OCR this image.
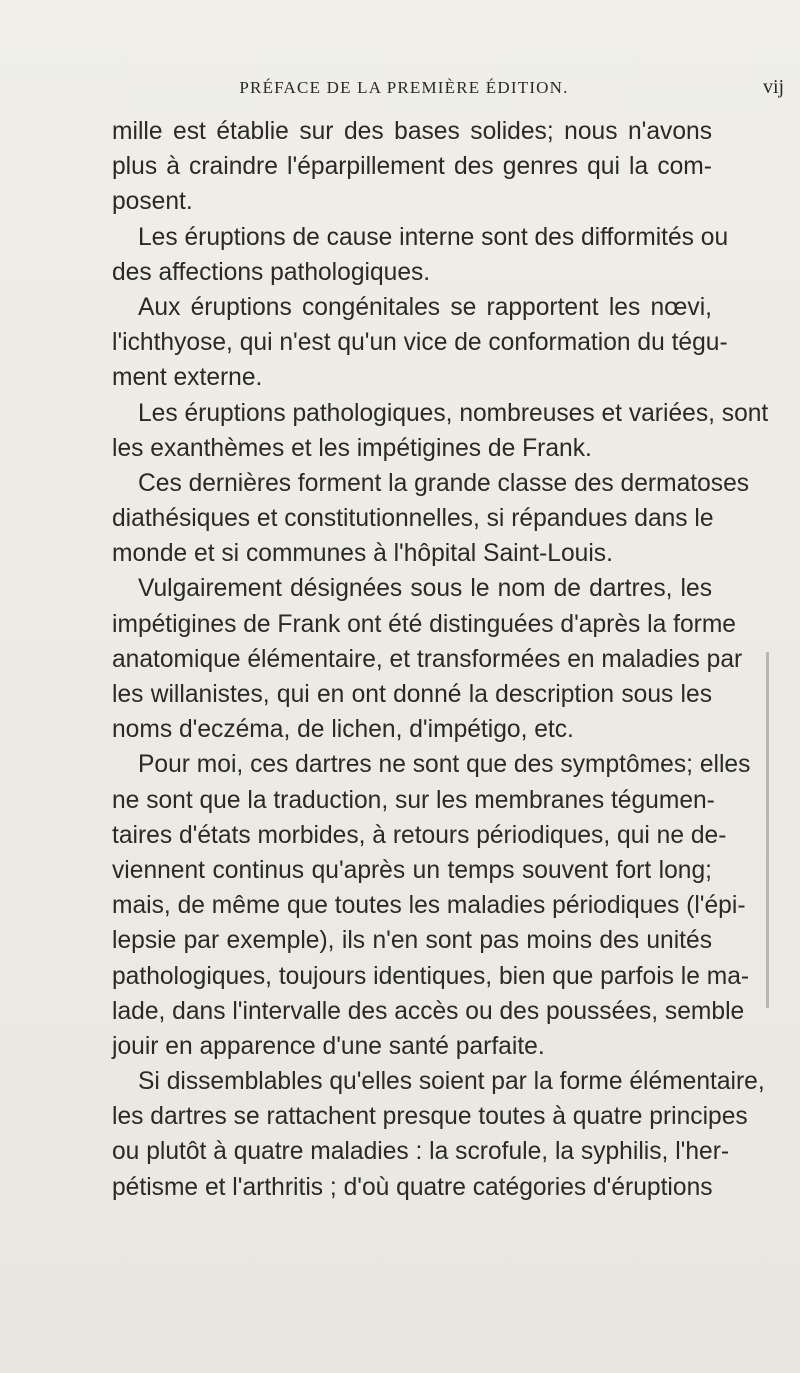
PRÉFACE DE LA PREMIÈRE ÉDITION.	vij
mille est établie sur des bases solides; nous n'avons
plus à craindre l'éparpillement des genres qui la com-
posent.
Les éruptions de cause interne sont des difformités ou
des affections pathologiques.
Aux éruptions congénitales se rapportent les nœvi,
l'ichthyose, qui n'est qu'un vice de conformation du tégu-
ment externe.
Les éruptions pathologiques, nombreuses et variées, sont
les exanthèmes et les impétigines de Frank.
Ces dernières forment la grande classe des dermatoses
diathésiques et constitutionnelles, si répandues dans le
monde et si communes à l'hôpital Saint-Louis.
Vulgairement désignées sous le nom de dartres, les
impétigines de Frank ont été distinguées d'après la forme
anatomique élémentaire, et transformées en maladies par
les willanistes, qui en ont donné la description sous les
noms d'eczéma, de lichen, d'impétigo, etc.
Pour moi, ces dartres ne sont que des symptômes; elles
ne sont que la traduction, sur les membranes tégumen-
taires d'états morbides, à retours périodiques, qui ne de-
viennent continus qu'après un temps souvent fort long;
mais, de même que toutes les maladies périodiques (l'épi-
lepsie par exemple), ils n'en sont pas moins des unités
pathologiques, toujours identiques, bien que parfois le ma-
lade, dans l'intervalle des accès ou des poussées, semble
jouir en apparence d'une santé parfaite.
Si dissemblables qu'elles soient par la forme élémentaire,
les dartres se rattachent presque toutes à quatre principes
ou plutôt à quatre maladies : la scrofule, la syphilis, l'her-
pétisme et l'arthritis ; d'où quatre catégories d'éruptions
